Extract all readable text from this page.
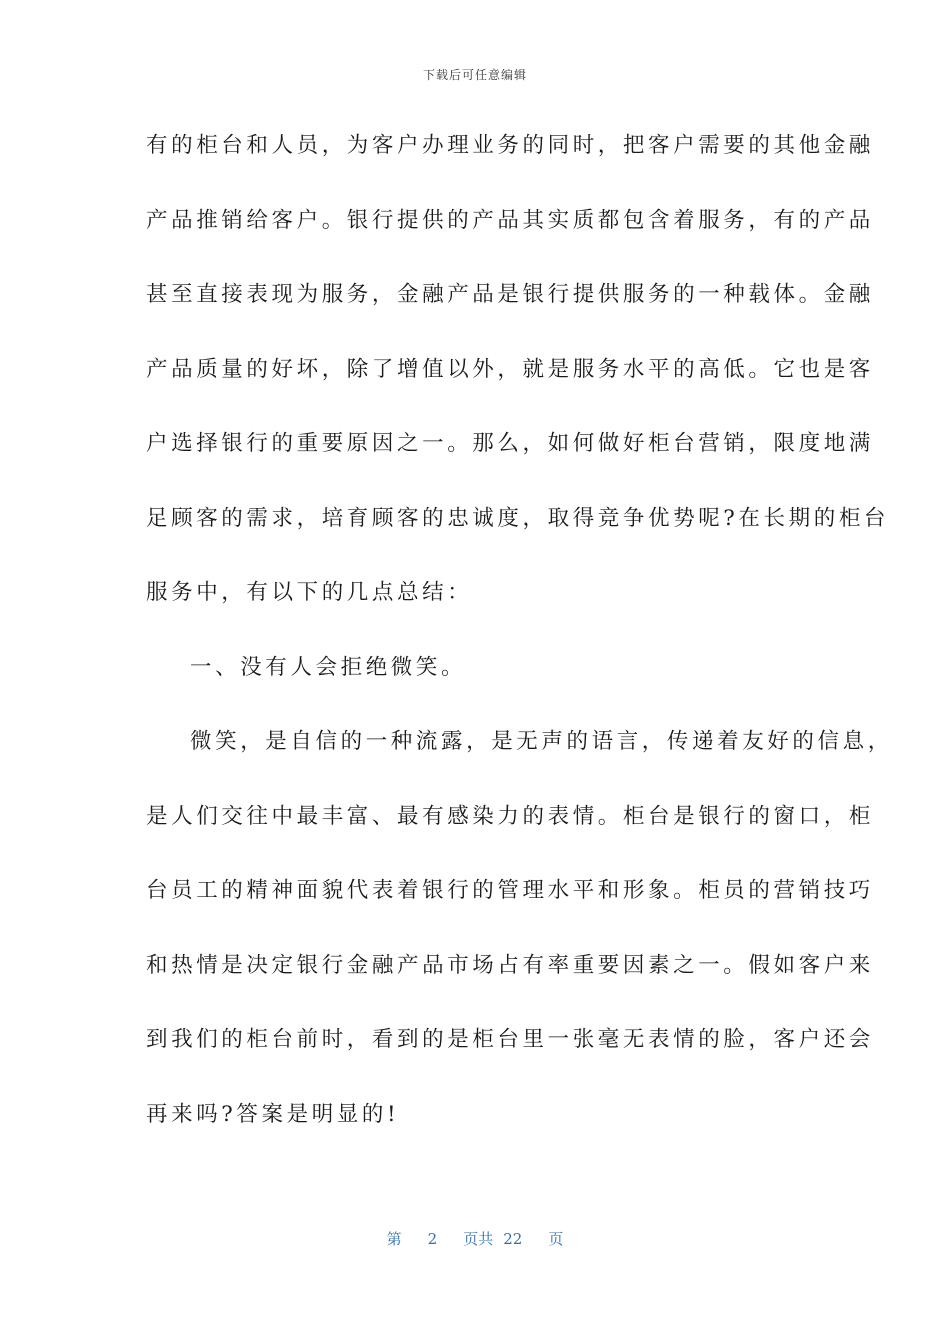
下载后可任意编辑
有的柜台和人员，为客户办理业务的同时，把客户需要的其他金融
产品推销给客户。银行提供的产品其实质都包含着服务，有的产品
甚至直接表现为服务，金融产品是银行提供服务的一种载体。金融
产品质量的好坏，除了增值以外，就是服务水平的高低。它也是客
户选择银行的重要原因之一。那么，如何做好柜台营销，限度地满
足顾客的需求，培育顾客的忠诚度，取得竞争优势呢?在长期的柜台
服务中，有以下的几点总结：
一、没有人会拒绝微笑。
微笑，是自信的一种流露，是无声的语言，传递着友好的信息，
是人们交往中最丰富、最有感染力的表情。柜台是银行的窗口，柜
台员工的精神面貌代表着银行的管理水平和形象。柜员的营销技巧
和热情是决定银行金融产品市场占有率重要因素之一。假如客户来
到我们的柜台前时，看到的是柜台里一张毫无表情的脸，客户还会
再来吗?答案是明显的!
第 2 页共 22 页
